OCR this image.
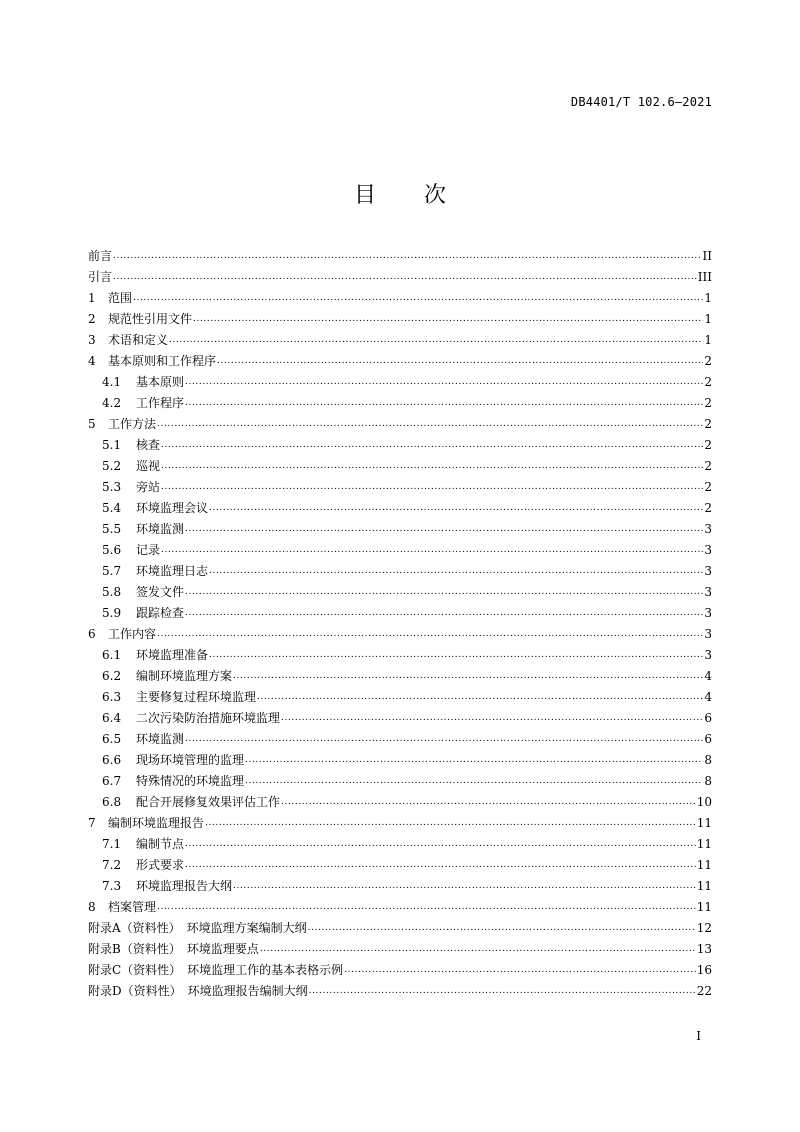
DB4401/T 102.6—2021
目 次
前言 .....	II
引言 .....	III
1	范围 .....	1
2	规范性引用文件 .....	1
3	术语和定义 .....	1
4	基本原则和工作程序 .....	2
4.1	基本原则 .....	2
4.2	工作程序 .....	2
5	工作方法 .....	2
5.1	核查 .....	2
5.2	巡视 .....	2
5.3	旁站 .....	2
5.4	环境监理会议 .....	2
5.5	环境监测 .....	3
5.6	记录 .....	3
5.7	环境监理日志 .....	3
5.8	签发文件 .....	3
5.9	跟踪检查 .....	3
6	工作内容 .....	3
6.1	环境监理准备 .....	3
6.2	编制环境监理方案 .....	4
6.3	主要修复过程环境监理 .....	4
6.4	二次污染防治措施环境监理 .....	6
6.5	环境监测 .....	6
6.6	现场环境管理的监理 .....	8
6.7	特殊情况的环境监理 .....	8
6.8	配合开展修复效果评估工作 .....	10
7	编制环境监理报告 .....	11
7.1	编制节点 .....	11
7.2	形式要求 .....	11
7.3	环境监理报告大纲 .....	11
8	档案管理 .....	11
附录A（资料性）　环境监理方案编制大纲 .....	12
附录B（资料性）　环境监理要点 .....	13
附录C（资料性）　环境监理工作的基本表格示例 .....	16
附录D（资料性）　环境监理报告编制大纲 .....	22
I
